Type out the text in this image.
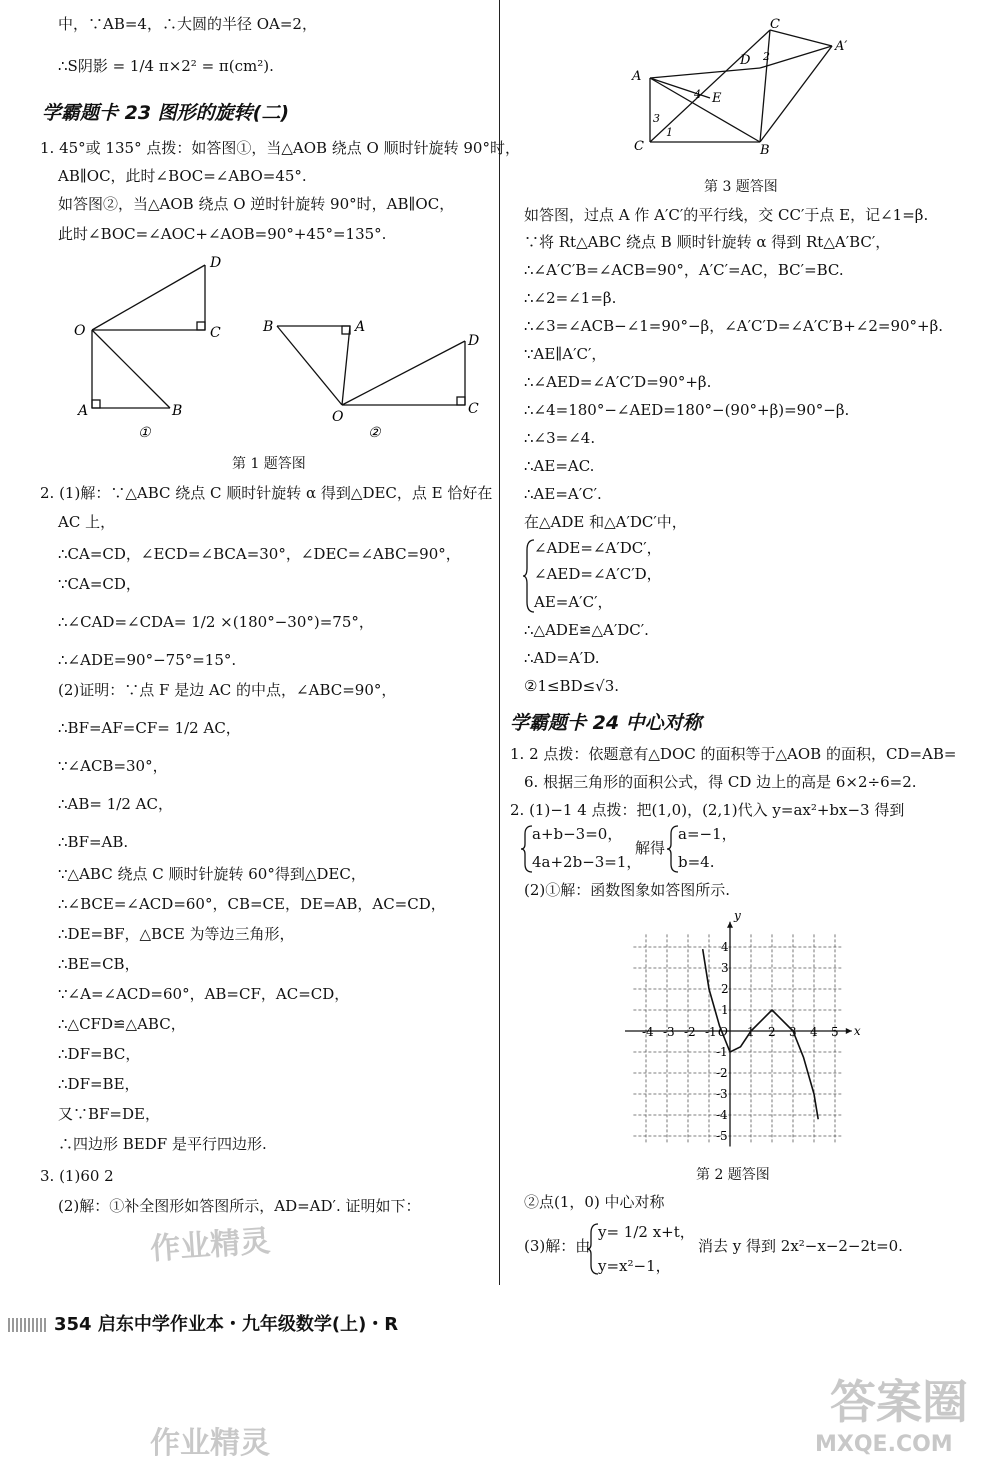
中，∵AB=4，∴大圆的半径 OA=2，
∴S阴影 = 1/4 π×2² = π(cm²).
学霸题卡 23 图形的旋转(二)
1. 45°或 135° 点拨：如答图①，当△AOB 绕点 O 顺时针旋转 90°时，
AB∥OC，此时∠BOC=∠ABO=45°.
如答图②，当△AOB 绕点 O 逆时针旋转 90°时，AB∥OC，
此时∠BOC=∠AOC+∠AOB=90°+45°=135°.
D
O	C
A	B
B	A
D
O	C
①	②
第 1 题答图
2. (1)解：∵△ABC 绕点 C 顺时针旋转 α 得到△DEC，点 E 恰好在
AC 上，
∴CA=CD，∠ECD=∠BCA=30°，∠DEC=∠ABC=90°，
∵CA=CD，
∴∠CAD=∠CDA= 1/2 ×(180°−30°)=75°，
∴∠ADE=90°−75°=15°.
(2)证明：∵点 F 是边 AC 的中点，∠ABC=90°，
∴BF=AF=CF= 1/2 AC，
∵∠ACB=30°，
∴AB= 1/2 AC，
∴BF=AB.
∵△ABC 绕点 C 顺时针旋转 60°得到△DEC，
∴∠BCE=∠ACD=60°，CB=CE，DE=AB，AC=CD，
∴DE=BF，△BCE 为等边三角形，
∴BE=CB，
∵∠A=∠ACD=60°，AB=CF，AC=CD，
∴△CFD≌△ABC，
∴DF=BC，
∴DF=BE，
又∵BF=DE，
∴四边形 BEDF 是平行四边形.
3. (1)60 2
(2)解：①补全图形如答图所示，AD=AD′. 证明如下：
C
A
D 2
A′
4 E
3
1
C	B
第 3 题答图
如答图，过点 A 作 A′C′的平行线，交 CC′于点 E，记∠1=β.
∵将 Rt△ABC 绕点 B 顺时针旋转 α 得到 Rt△A′BC′，
∴∠A′C′B=∠ACB=90°，A′C′=AC，BC′=BC.
∴∠2=∠1=β.
∴∠3=∠ACB−∠1=90°−β，∠A′C′D=∠A′C′B+∠2=90°+β.
∵AE∥A′C′，
∴∠AED=∠A′C′D=90°+β.
∴∠4=180°−∠AED=180°−(90°+β)=90°−β.
∴∠3=∠4.
∴AE=AC.
∴AE=A′C′.
在△ADE 和△A′DC′中，
∠ADE=∠A′DC′，
∠AED=∠A′C′D，
AE=A′C′，
∴△ADE≌△A′DC′.
∴AD=A′D.
②1≤BD≤√3.
学霸题卡 24 中心对称
1. 2 点拨：依题意有△DOC 的面积等于△AOB 的面积，CD=AB=
6. 根据三角形的面积公式，得 CD 边上的高是 6×2÷6=2.
2. (1)−1 4 点拨：把(1,0)，(2,1)代入 y=ax²+bx−3 得到
a+b−3=0，
4a+2b−3=1，
解得
a=−1，
b=4.
(2)①解：函数图象如答图所示.
-4 -3 -2 -1 O 1 2 3 4 5
4
3
2
1
-1
-2
-3
-4
-5
x
y
第 2 题答图
②点(1，0) 中心对称
(3)解：由
y= 1/2 x+t，
y=x²−1，
消去 y 得到 2x²−x−2−2t=0.
354 启东中学作业本・九年级数学(上)・R
作业精灵
作业精灵
答案圈
MXQE.COM
